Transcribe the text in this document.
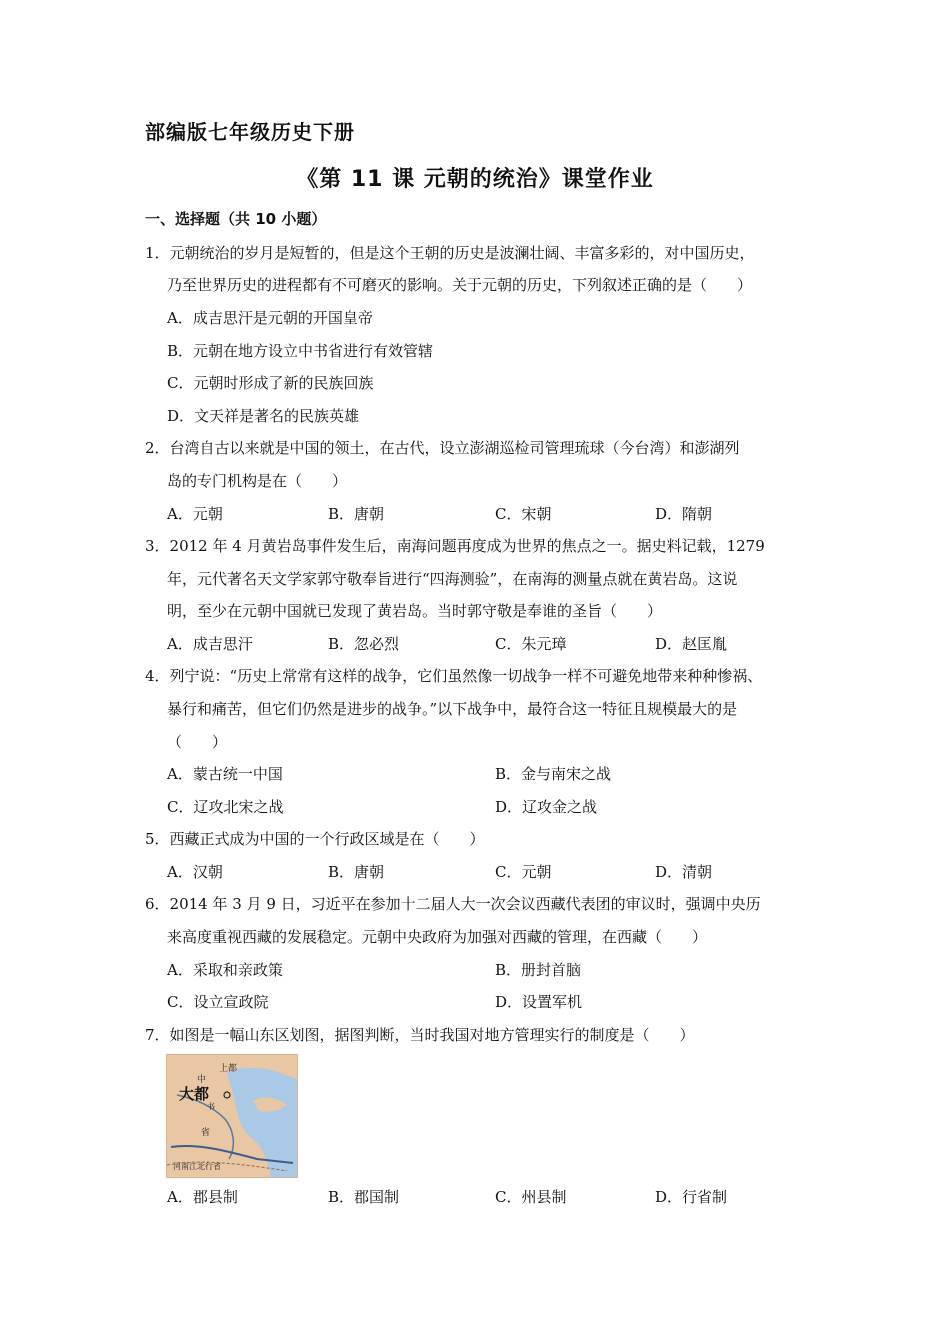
部编版七年级历史下册
《第 11 课 元朝的统治》课堂作业
一、选择题（共 10 小题）
1．元朝统治的岁月是短暂的，但是这个王朝的历史是波澜壮阔、丰富多彩的，对中国历史，
乃至世界历史的进程都有不可磨灭的影响。关于元朝的历史，下列叙述正确的是（　　）
A．成吉思汗是元朝的开国皇帝
B．元朝在地方设立中书省进行有效管辖
C．元朝时形成了新的民族回族
D．文天祥是著名的民族英雄
2．台湾自古以来就是中国的领土，在古代，设立澎湖巡检司管理琉球（今台湾）和澎湖列
岛的专门机构是在（　　）
A．元朝	B．唐朝	C．宋朝	D．隋朝
3．2012 年 4 月黄岩岛事件发生后，南海问题再度成为世界的焦点之一。据史料记载，1279
年，元代著名天文学家郭守敬奉旨进行“四海测验”，在南海的测量点就在黄岩岛。这说
明，至少在元朝中国就已发现了黄岩岛。当时郭守敬是奉谁的圣旨（　　）
A．成吉思汗	B．忽必烈	C．朱元璋	D．赵匡胤
4．列宁说：“历史上常常有这样的战争，它们虽然像一切战争一样不可避免地带来种种惨祸、
暴行和痛苦，但它们仍然是进步的战争。”以下战争中，最符合这一特征且规模最大的是
（　　）
A．蒙古统一中国	B．金与南宋之战
C．辽攻北宋之战	D．辽攻金之战
5．西藏正式成为中国的一个行政区域是在（　　）
A．汉朝	B．唐朝	C．元朝	D．清朝
6．2014 年 3 月 9 日，习近平在参加十二届人大一次会议西藏代表团的审议时，强调中央历
来高度重视西藏的发展稳定。元朝中央政府为加强对西藏的管理，在西藏（　　）
A．采取和亲政策	B．册封首脑
C．设立宣政院	D．设置军机
7．如图是一幅山东区划图，据图判断，当时我国对地方管理实行的制度是（　　）
上都
大都
中
书
省
河南江北行省
A．郡县制	B．郡国制	C．州县制	D．行省制
